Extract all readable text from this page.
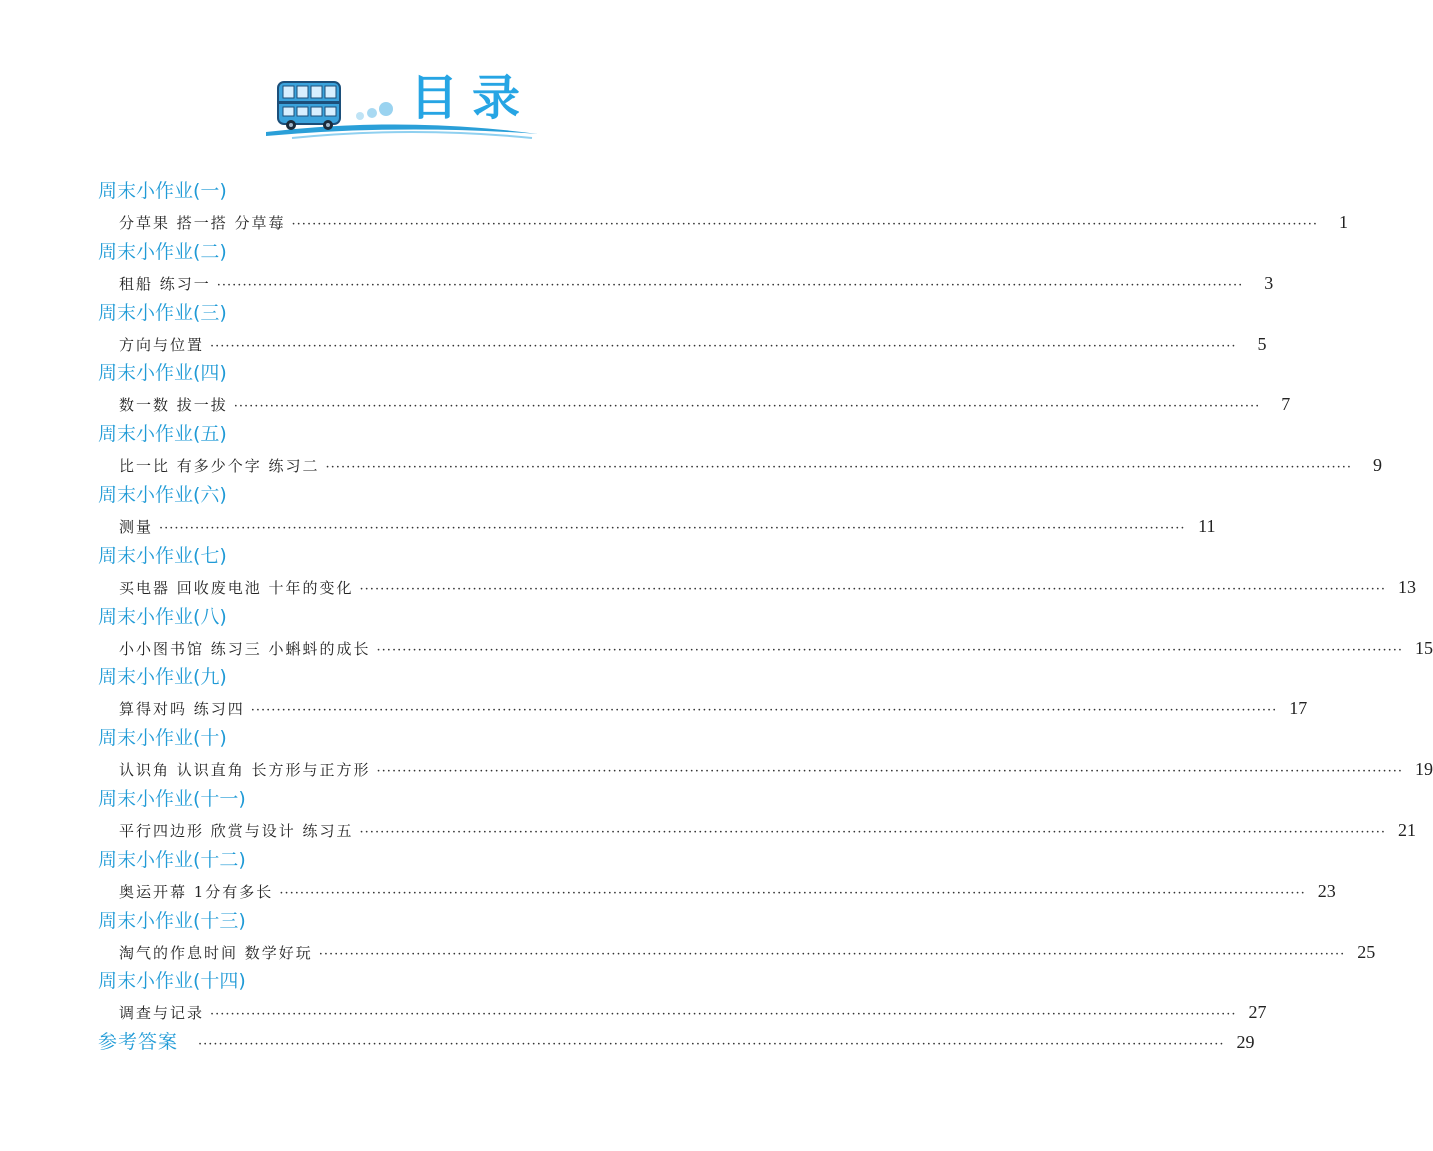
目录
周末小作业(一)
分草果 搭一搭 分草莓 ········································································································································································································	1
周末小作业(二)
租船 练习一 ········································································································································································································	3
周末小作业(三)
方向与位置 ········································································································································································································	5
周末小作业(四)
数一数 拔一拔 ········································································································································································································	7
周末小作业(五)
比一比 有多少个字 练习二 ········································································································································································································	9
周末小作业(六)
测量 ········································································································································································································ 11
周末小作业(七)
买电器 回收废电池 十年的变化 ········································································································································································································ 13
周末小作业(八)
小小图书馆 练习三 小蝌蚪的成长 ········································································································································································································ 15
周末小作业(九)
算得对吗 练习四 ········································································································································································································ 17
周末小作业(十)
认识角 认识直角 长方形与正方形 ········································································································································································································ 19
周末小作业(十一)
平行四边形 欣赏与设计 练习五 ········································································································································································································ 21
周末小作业(十二)
奥运开幕 1分有多长 ········································································································································································································ 23
周末小作业(十三)
淘气的作息时间 数学好玩 ········································································································································································································ 25
周末小作业(十四)
调查与记录 ········································································································································································································ 27
参考答案 ········································································································································································································ 29
